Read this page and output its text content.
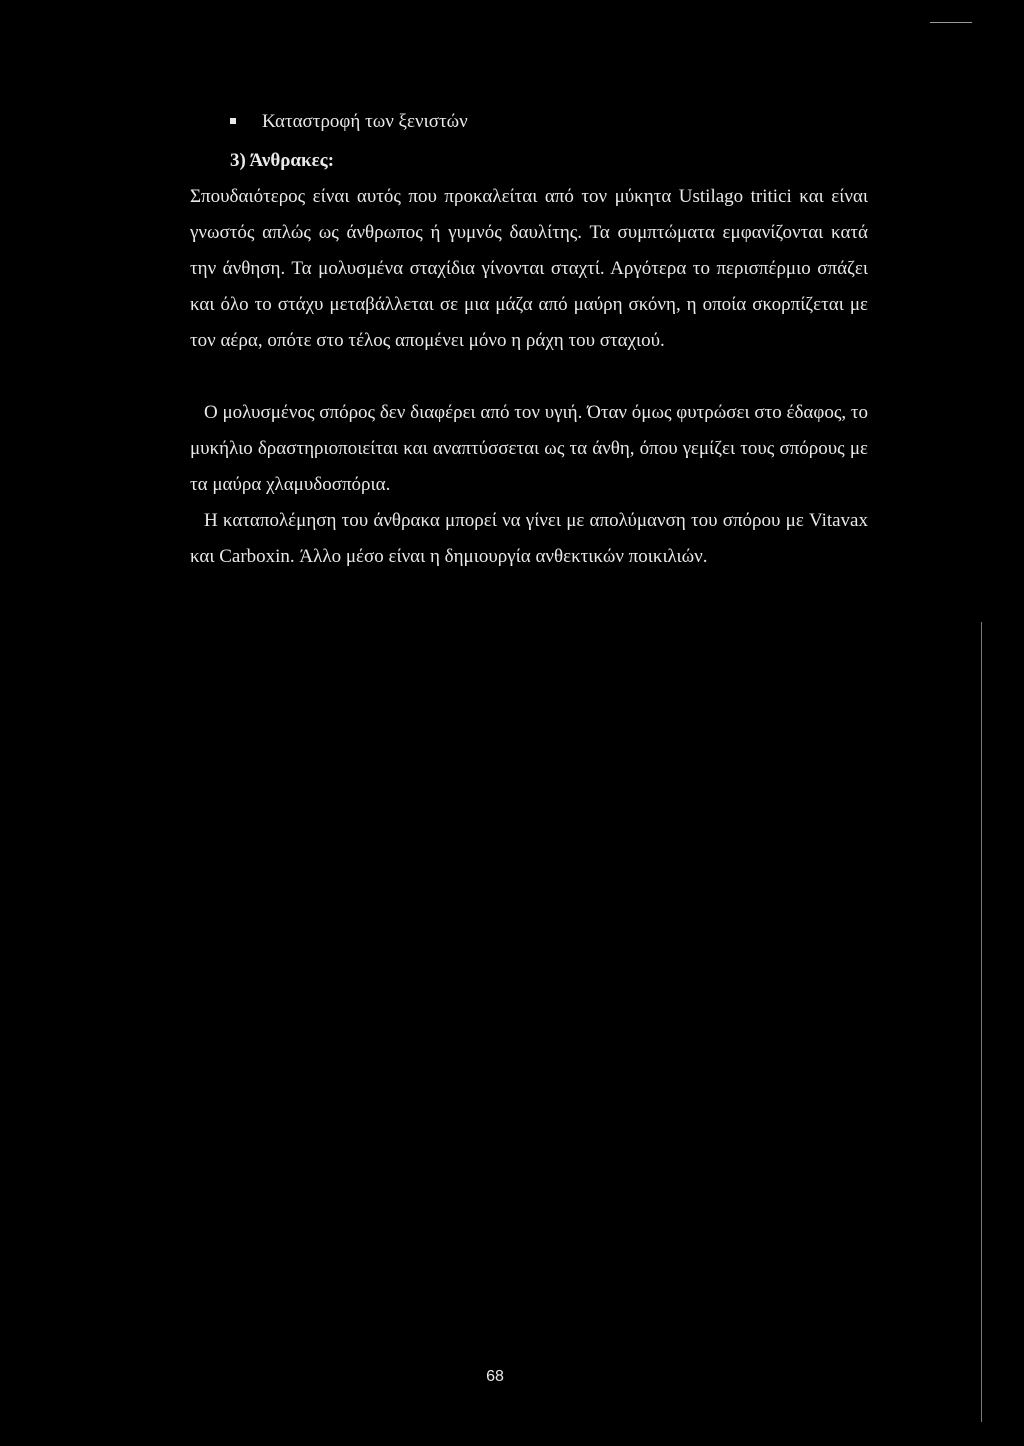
Καταστροφή των ξενιστών
3) Άνθρακες:

Σπουδαιότερος είναι αυτός που προκαλείται από τον μύκητα Ustilago tritici και είναι γνωστός απλώς ως άνθρωπος ή γυμνός δαυλίτης. Τα συμπτώματα εμφανίζονται κατά την άνθηση. Τα μολυσμένα σταχίδια γίνονται σταχτί. Αργότερα το περισπέρμιο σπάζει και όλο το στάχυ μεταβάλλεται σε μια μάζα από μαύρη σκόνη, η οποία σκορπίζεται με τον αέρα, οπότε στο τέλος απομένει μόνο η ράχη του σταχιού.

Ο μολυσμένος σπόρος δεν διαφέρει από τον υγιή. Όταν όμως φυτρώσει στο έδαφος, το μυκήλιο δραστηριοποιείται και αναπτύσσεται ως τα άνθη, όπου γεμίζει τους σπόρους με τα μαύρα χλαμυδοσπόρια.

Η καταπολέμηση του άνθρακα μπορεί να γίνει με απολύμανση του σπόρου με Vitavax και Carboxin. Άλλο μέσο είναι η δημιουργία ανθεκτικών ποικιλιών.

68
